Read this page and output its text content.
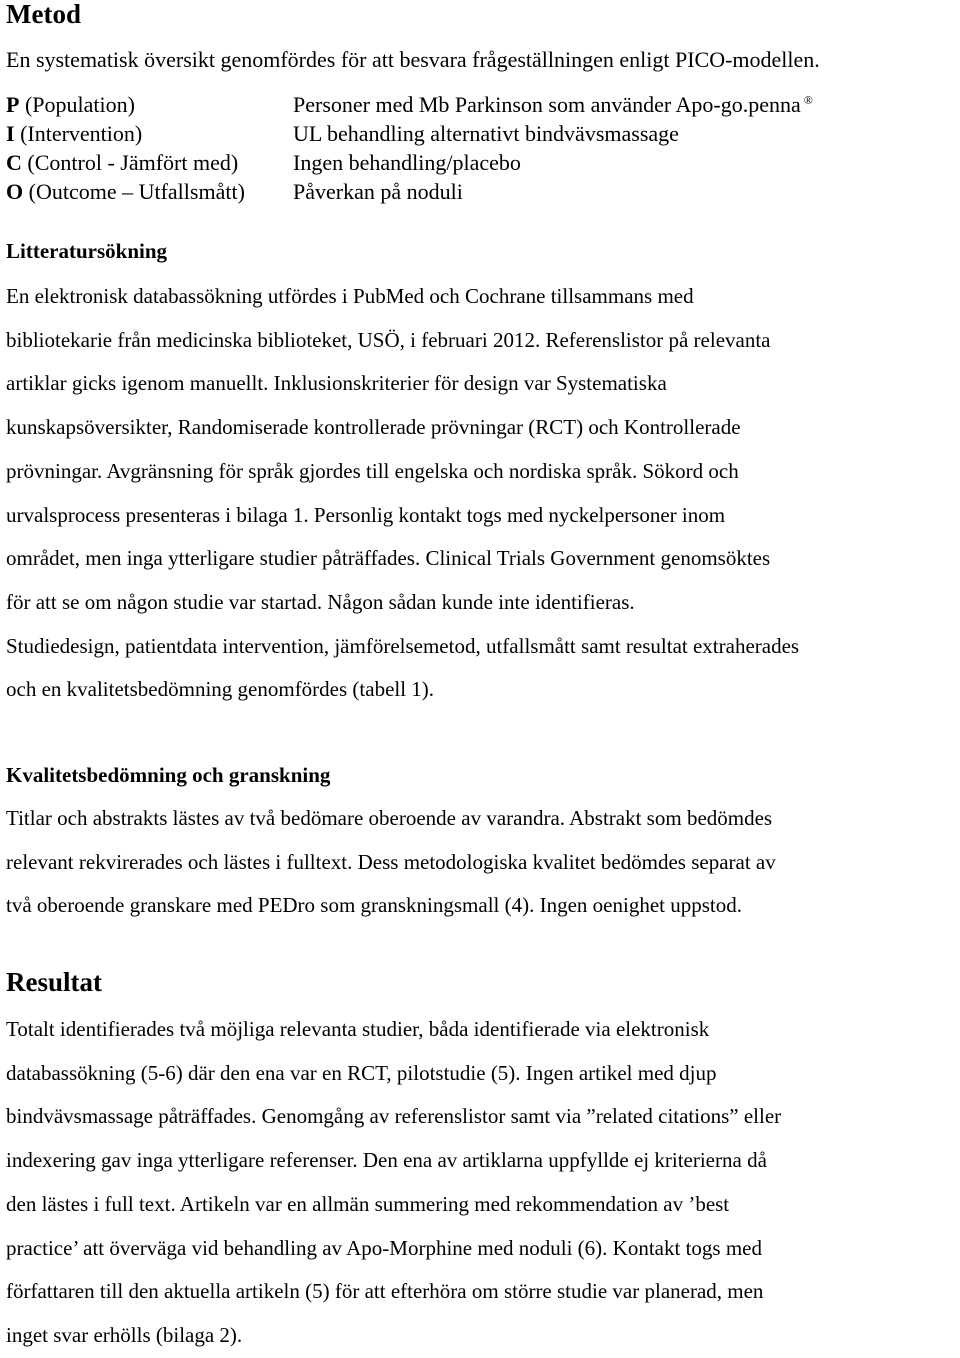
Metod
En systematisk översikt genomfördes för att besvara frågeställningen enligt PICO-modellen.
P (Population)	Personer med Mb Parkinson som använder Apo-go.penna ®
I (Intervention)	UL behandling alternativt bindvävsmassage
C (Control - Jämfört med)	Ingen behandling/placebo
O (Outcome – Utfallsmått)	Påverkan på noduli
Litteratursökning
En elektronisk databassökning utfördes i PubMed och Cochrane tillsammans med
bibliotekarie från medicinska biblioteket, USÖ, i februari 2012. Referenslistor på relevanta
artiklar gicks igenom manuellt. Inklusionskriterier för design var Systematiska
kunskapsöversikter, Randomiserade kontrollerade prövningar (RCT) och Kontrollerade
prövningar. Avgränsning för språk gjordes till engelska och nordiska språk. Sökord och
urvalsprocess presenteras i bilaga 1. Personlig kontakt togs med nyckelpersoner inom
området, men inga ytterligare studier påträffades. Clinical Trials Government genomsöktes
för att se om någon studie var startad. Någon sådan kunde inte identifieras.
Studiedesign, patientdata intervention, jämförelsemetod, utfallsmått samt resultat extraherades
och en kvalitetsbedömning genomfördes (tabell 1).
Kvalitetsbedömning och granskning
Titlar och abstrakts lästes av två bedömare oberoende av varandra. Abstrakt som bedömdes
relevant rekvirerades och lästes i fulltext. Dess metodologiska kvalitet bedömdes separat av
två oberoende granskare med PEDro som granskningsmall (4). Ingen oenighet uppstod.
Resultat
Totalt identifierades två möjliga relevanta studier, båda identifierade via elektronisk
databassökning (5-6) där den ena var en RCT, pilotstudie (5). Ingen artikel med djup
bindvävsmassage påträffades. Genomgång av referenslistor samt via ”related citations” eller
indexering gav inga ytterligare referenser. Den ena av artiklarna uppfyllde ej kriterierna då
den lästes i full text. Artikeln var en allmän summering med rekommendation av ’best
practice’ att överväga vid behandling av Apo-Morphine med noduli (6). Kontakt togs med
författaren till den aktuella artikeln (5) för att efterhöra om större studie var planerad, men
inget svar erhölls (bilaga 2).
